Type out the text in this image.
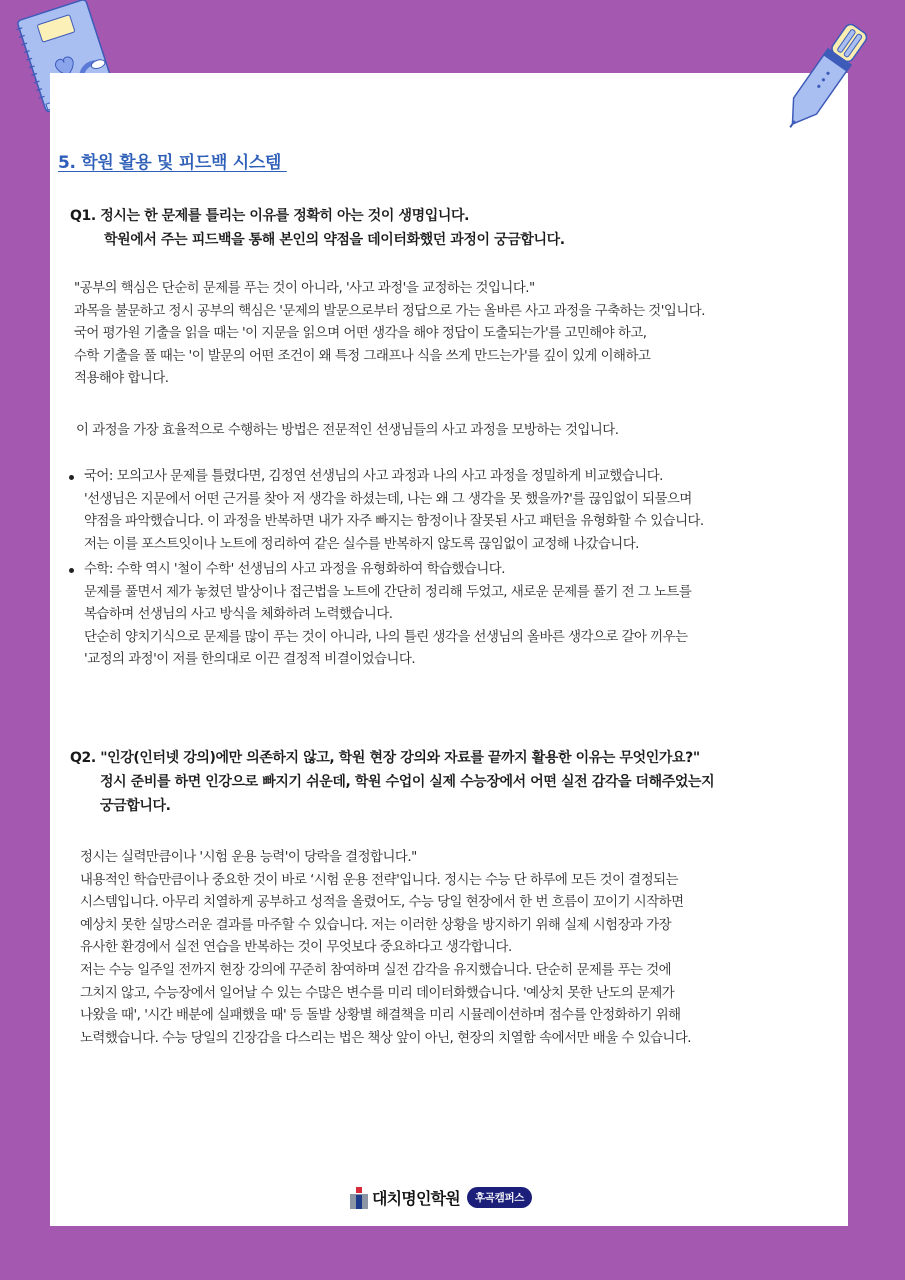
5. 학원 활용 및 피드백 시스템
Q1. 정시는 한 문제를 틀리는 이유를 정확히 아는 것이 생명입니다.
학원에서 주는 피드백을 통해 본인의 약점을 데이터화했던 과정이 궁금합니다.
"공부의 핵심은 단순히 문제를 푸는 것이 아니라, '사고 과정'을 교정하는 것입니다."
과목을 불문하고 정시 공부의 핵심은 '문제의 발문으로부터 정답으로 가는 올바른 사고 과정을 구축하는 것'입니다.
국어 평가원 기출을 읽을 때는 '이 지문을 읽으며 어떤 생각을 해야 정답이 도출되는가'를 고민해야 하고,
수학 기출을 풀 때는 '이 발문의 어떤 조건이 왜 특정 그래프나 식을 쓰게 만드는가'를 깊이 있게 이해하고
적용해야 합니다.
이 과정을 가장 효율적으로 수행하는 방법은 전문적인 선생님들의 사고 과정을 모방하는 것입니다.
국어: 모의고사 문제를 틀렸다면, 김정연 선생님의 사고 과정과 나의 사고 과정을 정밀하게 비교했습니다.
'선생님은 지문에서 어떤 근거를 찾아 저 생각을 하셨는데, 나는 왜 그 생각을 못 했을까?'를 끊임없이 되물으며
약점을 파악했습니다. 이 과정을 반복하면 내가 자주 빠지는 함정이나 잘못된 사고 패턴을 유형화할 수 있습니다.
저는 이를 포스트잇이나 노트에 정리하여 같은 실수를 반복하지 않도록 끊임없이 교정해 나갔습니다.
수학: 수학 역시 '철이 수학' 선생님의 사고 과정을 유형화하여 학습했습니다.
문제를 풀면서 제가 놓쳤던 발상이나 접근법을 노트에 간단히 정리해 두었고, 새로운 문제를 풀기 전 그 노트를
복습하며 선생님의 사고 방식을 체화하려 노력했습니다.
단순히 양치기식으로 문제를 많이 푸는 것이 아니라, 나의 틀린 생각을 선생님의 올바른 생각으로 갈아 끼우는
'교정의 과정'이 저를 한의대로 이끈 결정적 비결이었습니다.
Q2. "인강(인터넷 강의)에만 의존하지 않고, 학원 현장 강의와 자료를 끝까지 활용한 이유는 무엇인가요?"
정시 준비를 하면 인강으로 빠지기 쉬운데, 학원 수업이 실제 수능장에서 어떤 실전 감각을 더해주었는지
궁금합니다.
정시는 실력만큼이나 '시험 운용 능력'이 당락을 결정합니다."
내용적인 학습만큼이나 중요한 것이 바로 ‘시험 운용 전략'입니다. 정시는 수능 단 하루에 모든 것이 결정되는
시스템입니다. 아무리 치열하게 공부하고 성적을 올렸어도, 수능 당일 현장에서 한 번 흐름이 꼬이기 시작하면
예상치 못한 실망스러운 결과를 마주할 수 있습니다. 저는 이러한 상황을 방지하기 위해 실제 시험장과 가장
유사한 환경에서 실전 연습을 반복하는 것이 무엇보다 중요하다고 생각합니다.
저는 수능 일주일 전까지 현장 강의에 꾸준히 참여하며 실전 감각을 유지했습니다. 단순히 문제를 푸는 것에
그치지 않고, 수능장에서 일어날 수 있는 수많은 변수를 미리 데이터화했습니다. '예상치 못한 난도의 문제가
나왔을 때', '시간 배분에 실패했을 때' 등 돌발 상황별 해결책을 미리 시뮬레이션하며 점수를 안정화하기 위해
노력했습니다. 수능 당일의 긴장감을 다스리는 법은 책상 앞이 아닌, 현장의 치열함 속에서만 배울 수 있습니다.
대치명인학원	후곡캠퍼스
